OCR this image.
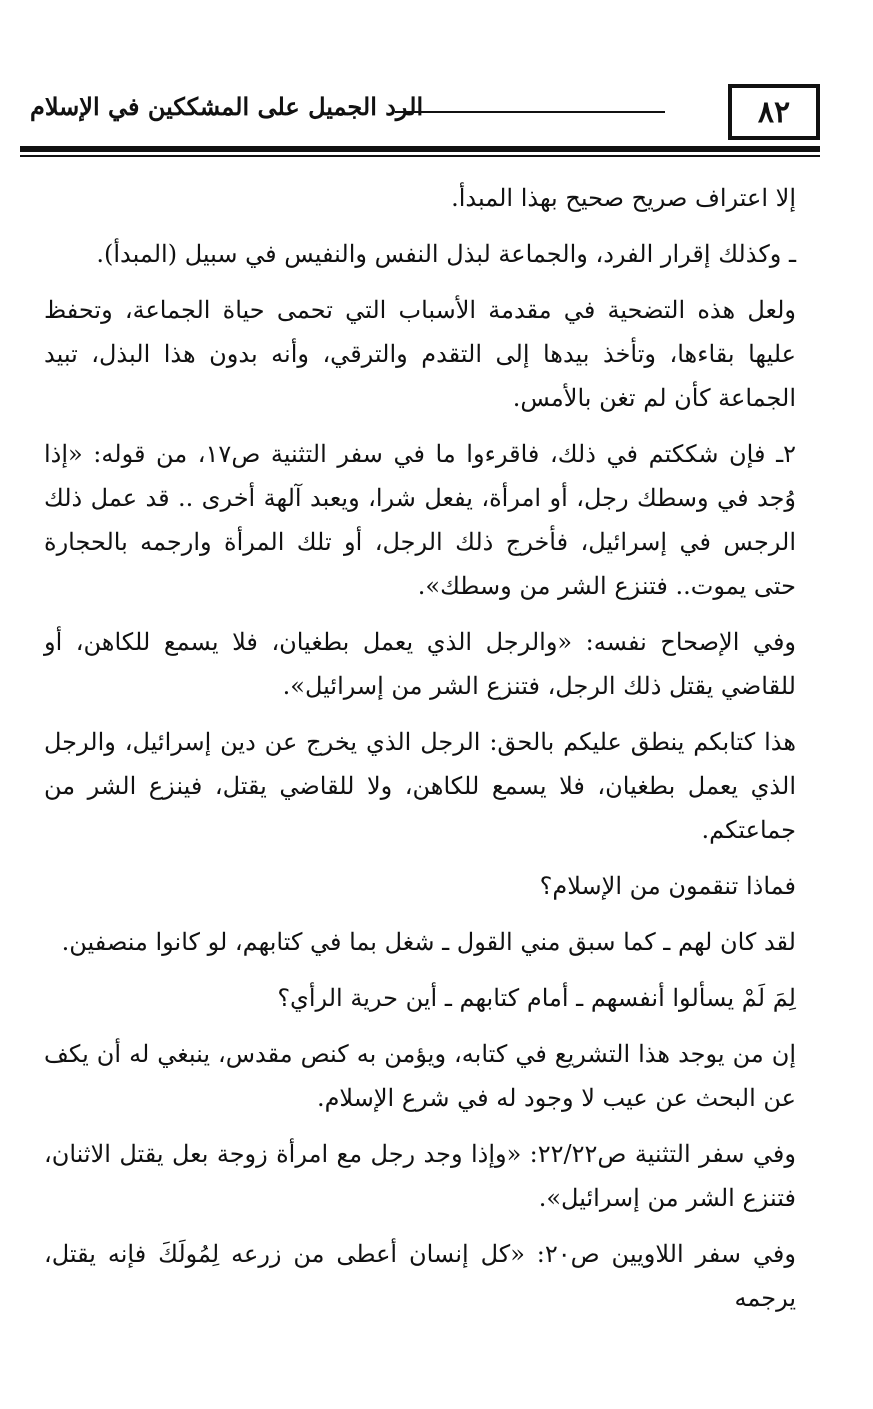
٨٢
الرد الجميل على المشككين في الإسلام

إلا اعتراف صريح صحيح بهذا المبدأ.

ـ وكذلك إقرار الفرد، والجماعة لبذل النفس والنفيس في سبيل (المبدأ).

ولعل هذه التضحية في مقدمة الأسباب التي تحمى حياة الجماعة، وتحفظ عليها بقاءها، وتأخذ بيدها إلى التقدم والترقي، وأنه بدون هذا البذل، تبيد الجماعة كأن لم تغن بالأمس.

٢ـ فإن شككتم في ذلك، فاقرءوا ما في سفر التثنية ص١٧، من قوله: «إذا وُجد في وسطك رجل، أو امرأة، يفعل شرا، ويعبد آلهة أخرى .. قد عمل ذلك الرجس في إسرائيل، فأخرج ذلك الرجل، أو تلك المرأة وارجمه بالحجارة حتى يموت.. فتنزع الشر من وسطك».

وفي الإصحاح نفسه: «والرجل الذي يعمل بطغيان، فلا يسمع للكاهن، أو للقاضي يقتل ذلك الرجل، فتنزع الشر من إسرائيل».

هذا كتابكم ينطق عليكم بالحق: الرجل الذي يخرج عن دين إسرائيل، والرجل الذي يعمل بطغيان، فلا يسمع للكاهن، ولا للقاضي يقتل، فينزع الشر من جماعتكم.

فماذا تنقمون من الإسلام؟

لقد كان لهم ـ كما سبق مني القول ـ شغل بما في كتابهم، لو كانوا منصفين.

لِمَ لَمْ يسألوا أنفسهم ـ أمام كتابهم ـ أين حرية الرأي؟

إن من يوجد هذا التشريع في كتابه، ويؤمن به كنص مقدس، ينبغي له أن يكف عن البحث عن عيب لا وجود له في شرع الإسلام.

وفي سفر التثنية ص٢٢/٢٢: «وإذا وجد رجل مع امرأة زوجة بعل يقتل الاثنان، فتنزع الشر من إسرائيل».

وفي سفر اللاويين ص٢٠: «كل إنسان أعطى من زرعه لِمُولَكَ فإنه يقتل، يرجمه
